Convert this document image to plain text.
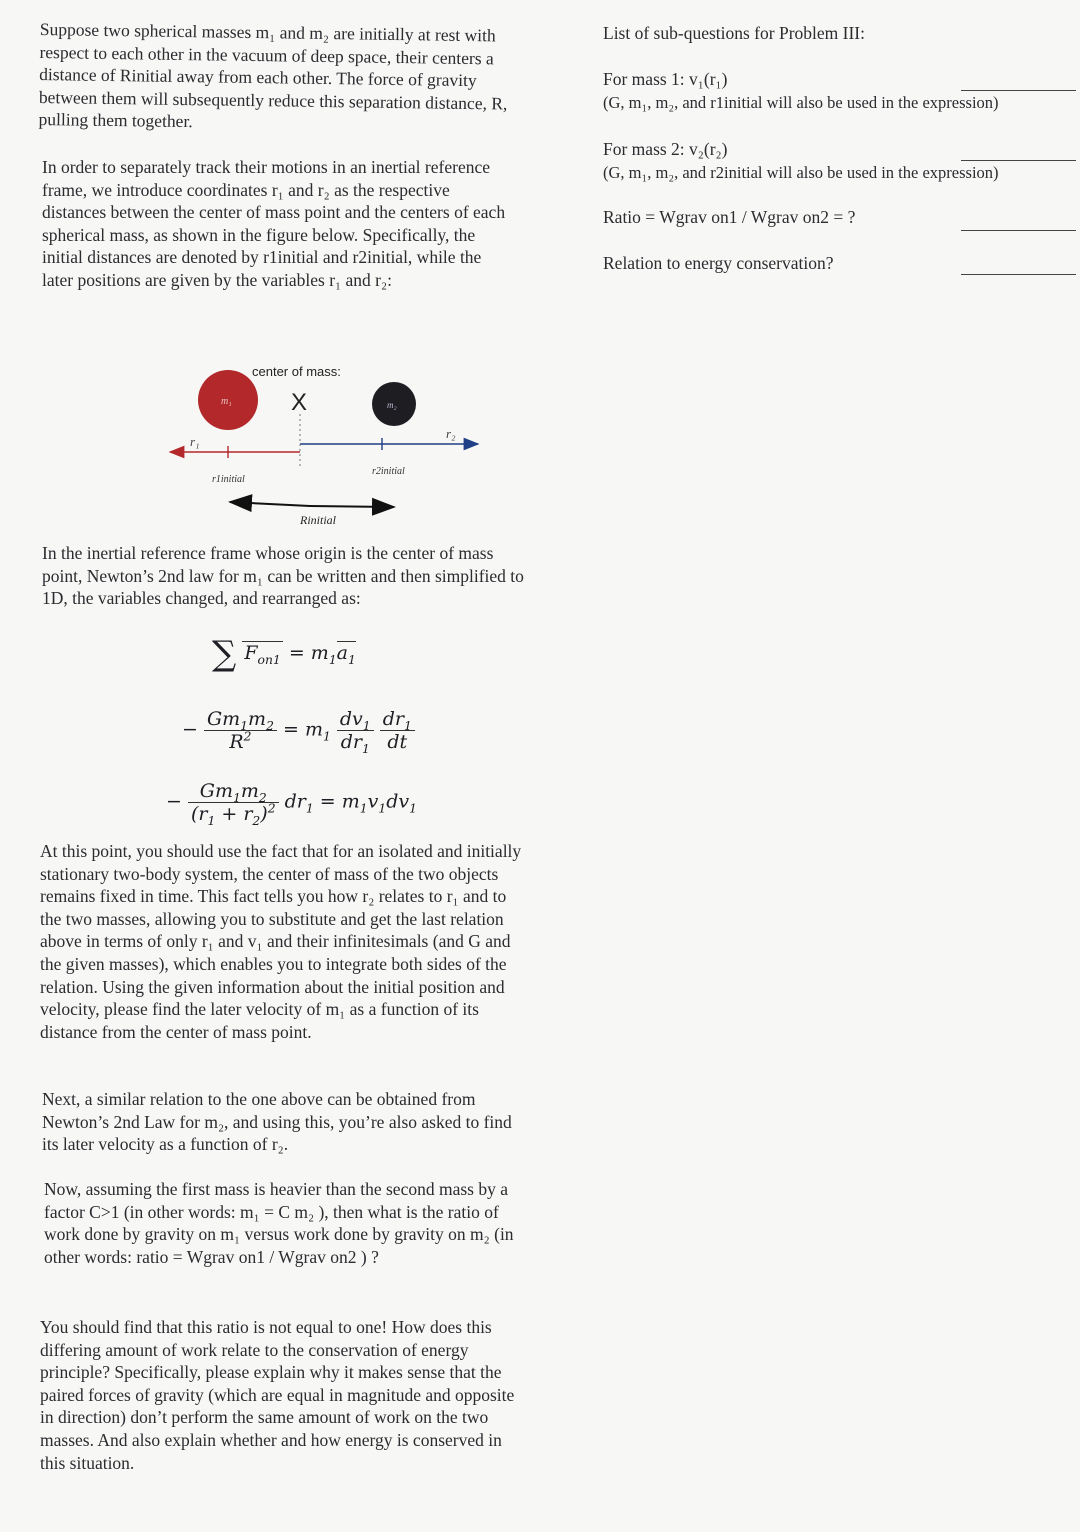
Suppose two spherical masses m₁ and m₂ are initially at rest with respect to each other in the vacuum of deep space, their centers a distance of Rinitial away from each other. The force of gravity between them will subsequently reduce this separation distance, R, pulling them together.

In order to separately track their motions in an inertial reference frame, we introduce coordinates r₁ and r₂ as the respective distances between the center of mass point and the centers of each spherical mass, as shown in the figure below. Specifically, the initial distances are denoted by r1initial and r2initial, while the later positions are given by the variables r₁ and r₂:

center of mass:
X
m₁	m₂
r₁
r₂
r1initial
r2initial
Rinitial

In the inertial reference frame whose origin is the center of mass point, Newton’s 2nd law for m₁ can be written and then simplified to 1D, the variables changed, and rearranged as:

∑ $F_{on1} = m_1a_1$
− $\frac{Gm_1m_2}{R^2} = m_1 \frac{dv_1}{dr_1}$
$\frac{dr_1}{dt}$
− $\frac{Gm_1m_2}{(r_1 + r_2)^2} dr_1 = m_1v_1dv_1$

At this point, you should use the fact that for an isolated and initially stationary two-body system, the center of mass of the two objects remains fixed in time. This fact tells you how r₂ relates to r₁ and to the two masses, allowing you to substitute and get the last relation above in terms of only r₁ and v₁ and their infinitesimals (and G and the given masses), which enables you to integrate both sides of the relation. Using the given information about the initial position and velocity, please find the later velocity of m₁ as a function of its distance from the center of mass point.

Next, a similar relation to the one above can be obtained from Newton’s 2nd Law for m₂, and using this, you’re also asked to find its later velocity as a function of r₂.

Now, assuming the first mass is heavier than the second mass by a factor C>1 (in other words: m₁ = C m₂ ), then what is the ratio of work done by gravity on m₁ versus work done by gravity on m₂ (in other words: ratio = Wgrav on1 / Wgrav on2 ) ?

You should find that this ratio is not equal to one! How does this differing amount of work relate to the conservation of energy principle? Specifically, please explain why it makes sense that the paired forces of gravity (which are equal in magnitude and opposite in direction) don’t perform the same amount of work on the two masses. And also explain whether and how energy is conserved in this situation.

List of sub-questions for Problem III:
For mass 1: v₁(r₁)
(G, m₁, m₂, and r1initial will also be used in the expression)
For mass 2: v₂(r₂)
(G, m₁, m₂, and r2initial will also be used in the expression)
Ratio = Wgrav on1 / Wgrav on2 = ?
Relation to energy conservation?
